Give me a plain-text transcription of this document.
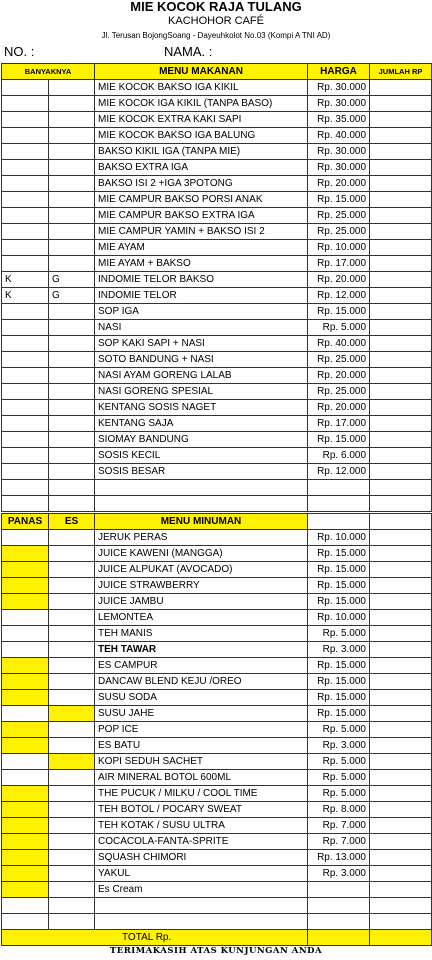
MIE KOCOK RAJA TULANG
KACHOHOR CAFÉ
Jl. Terusan BojongSoang - Dayeuhkolot No.03 (Kompi A TNI AD)
NO. :	NAMA. :
BANYAKNYA		MENU MAKANAN	HARGA	JUMLAH RP
		MIE KOCOK BAKSO IGA KIKIL	Rp. 30.000	
		MIE KOCOK IGA KIKIL (TANPA BASO)	Rp. 30.000	
		MIE KOCOK EXTRA KAKI SAPI	Rp. 35.000	
		MIE KOCOK BAKSO IGA BALUNG	Rp. 40.000	
		BAKSO KIKIL IGA (TANPA MIE)	Rp. 30.000	
		BAKSO EXTRA IGA	Rp. 30.000	
		BAKSO ISI 2 +IGA 3POTONG	Rp. 20.000	
		MIE CAMPUR BAKSO PORSI ANAK	Rp. 15.000	
		MIE CAMPUR BAKSO EXTRA IGA	Rp. 25.000	
		MIE CAMPUR YAMIN + BAKSO ISI 2	Rp. 25.000	
		MIE AYAM	Rp. 10.000	
		MIE AYAM + BAKSO	Rp. 17.000	
K	G	INDOMIE TELOR BAKSO	Rp. 20.000	
K	G	INDOMIE TELOR	Rp. 12.000	
		SOP IGA	Rp. 15.000	
		NASI	Rp. 5.000	
		SOP KAKI SAPI + NASI	Rp. 40.000	
		SOTO BANDUNG + NASI	Rp. 25.000	
		NASI AYAM GORENG LALAB	Rp. 20.000	
		NASI GORENG SPESIAL	Rp. 25.000	
		KENTANG SOSIS NAGET	Rp. 20.000	
		KENTANG SAJA	Rp. 17.000	
		SIOMAY BANDUNG	Rp. 15.000	
		SOSIS KECIL	Rp. 6.000	
		SOSIS BESAR	Rp. 12.000	

PANAS	ES	MENU MINUMAN		
		JERUK PERAS	Rp. 10.000	
		JUICE KAWENI (MANGGA)	Rp. 15.000	
		JUICE ALPUKAT (AVOCADO)	Rp. 15.000	
		JUICE STRAWBERRY	Rp. 15.000	
		JUICE JAMBU	Rp. 15.000	
		LEMONTEA	Rp. 10.000	
		TEH MANIS	Rp. 5.000	
		TEH TAWAR	Rp. 3.000	
		ES CAMPUR	Rp. 15.000	
		DANCAW BLEND KEJU /OREO	Rp. 15.000	
		SUSU SODA	Rp. 15.000	
		SUSU JAHE	Rp. 15.000	
		POP ICE	Rp. 5.000	
		ES BATU	Rp. 3.000	
		KOPI SEDUH SACHET	Rp. 5.000	
		AIR MINERAL BOTOL 600ML	Rp. 5.000	
		THE PUCUK / MILKU / COOL TIME	Rp. 5.000	
		TEH BOTOL / POCARY SWEAT	Rp. 8.000	
		TEH KOTAK / SUSU ULTRA	Rp. 7.000	
		COCACOLA-FANTA-SPRITE	Rp. 7.000	
		SQUASH CHIMORI	Rp. 13.000	
		YAKUL	Rp. 3.000	
		Es Cream		

TOTAL Rp.				
TERIMAKASIH ATAS KUNJUNGAN ANDA
